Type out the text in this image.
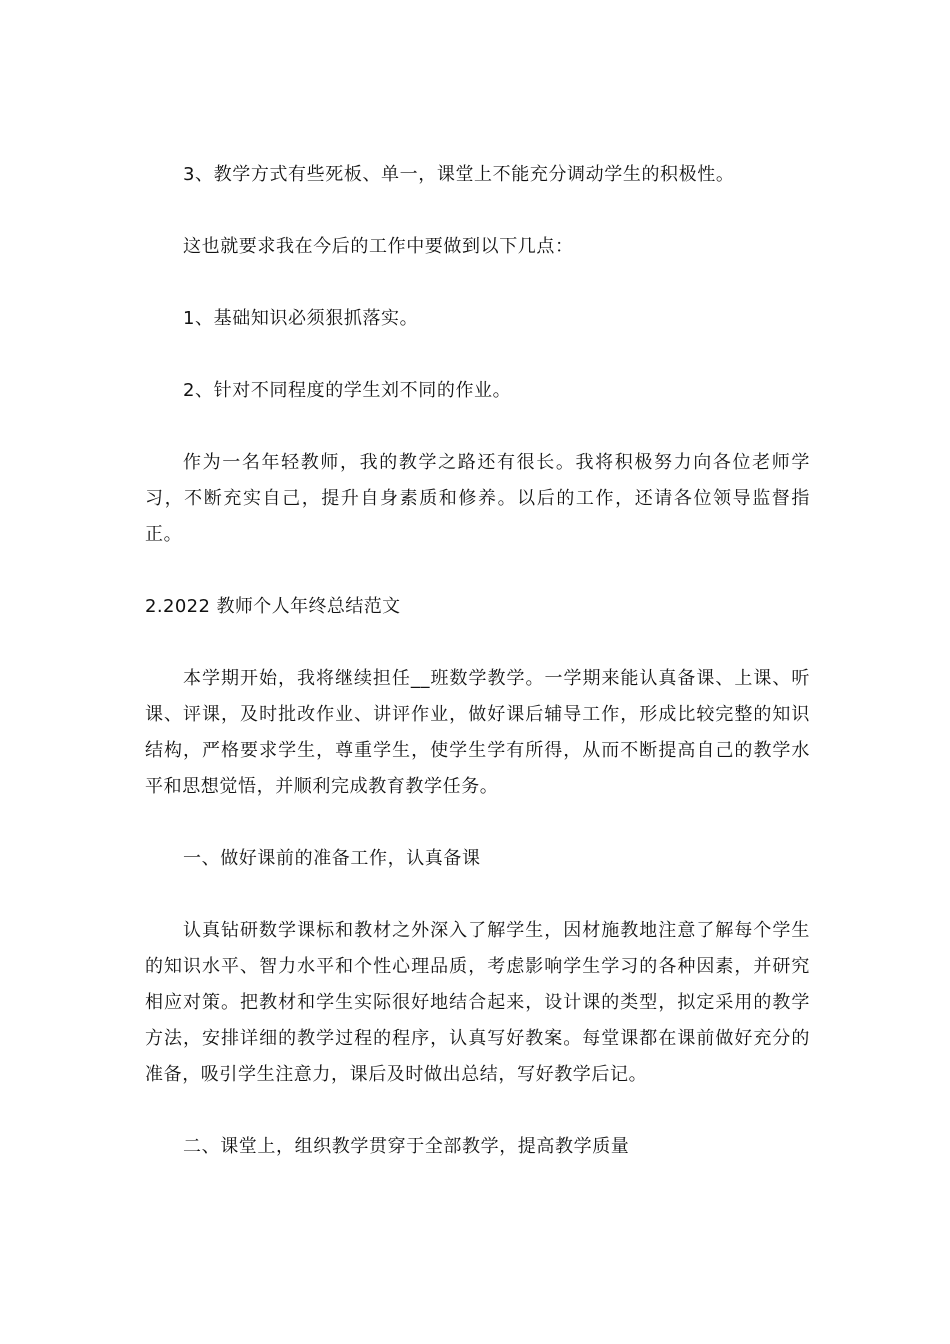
3、教学方式有些死板、单一，课堂上不能充分调动学生的积极性。

这也就要求我在今后的工作中要做到以下几点：

1、基础知识必须狠抓落实。

2、针对不同程度的学生刘不同的作业。

作为一名年轻教师，我的教学之路还有很长。我将积极努力向各位老师学习，不断充实自己，提升自身素质和修养。以后的工作，还请各位领导监督指正。

2.2022 教师个人年终总结范文

本学期开始，我将继续担任__班数学教学。一学期来能认真备课、上课、听课、评课，及时批改作业、讲评作业，做好课后辅导工作，形成比较完整的知识结构，严格要求学生，尊重学生，使学生学有所得，从而不断提高自己的教学水平和思想觉悟，并顺利完成教育教学任务。

一、做好课前的准备工作，认真备课

认真钻研数学课标和教材之外深入了解学生，因材施教地注意了解每个学生的知识水平、智力水平和个性心理品质，考虑影响学生学习的各种因素，并研究相应对策。把教材和学生实际很好地结合起来，设计课的类型，拟定采用的教学方法，安排详细的教学过程的程序，认真写好教案。每堂课都在课前做好充分的准备，吸引学生注意力，课后及时做出总结，写好教学后记。

二、课堂上，组织教学贯穿于全部教学，提高教学质量
